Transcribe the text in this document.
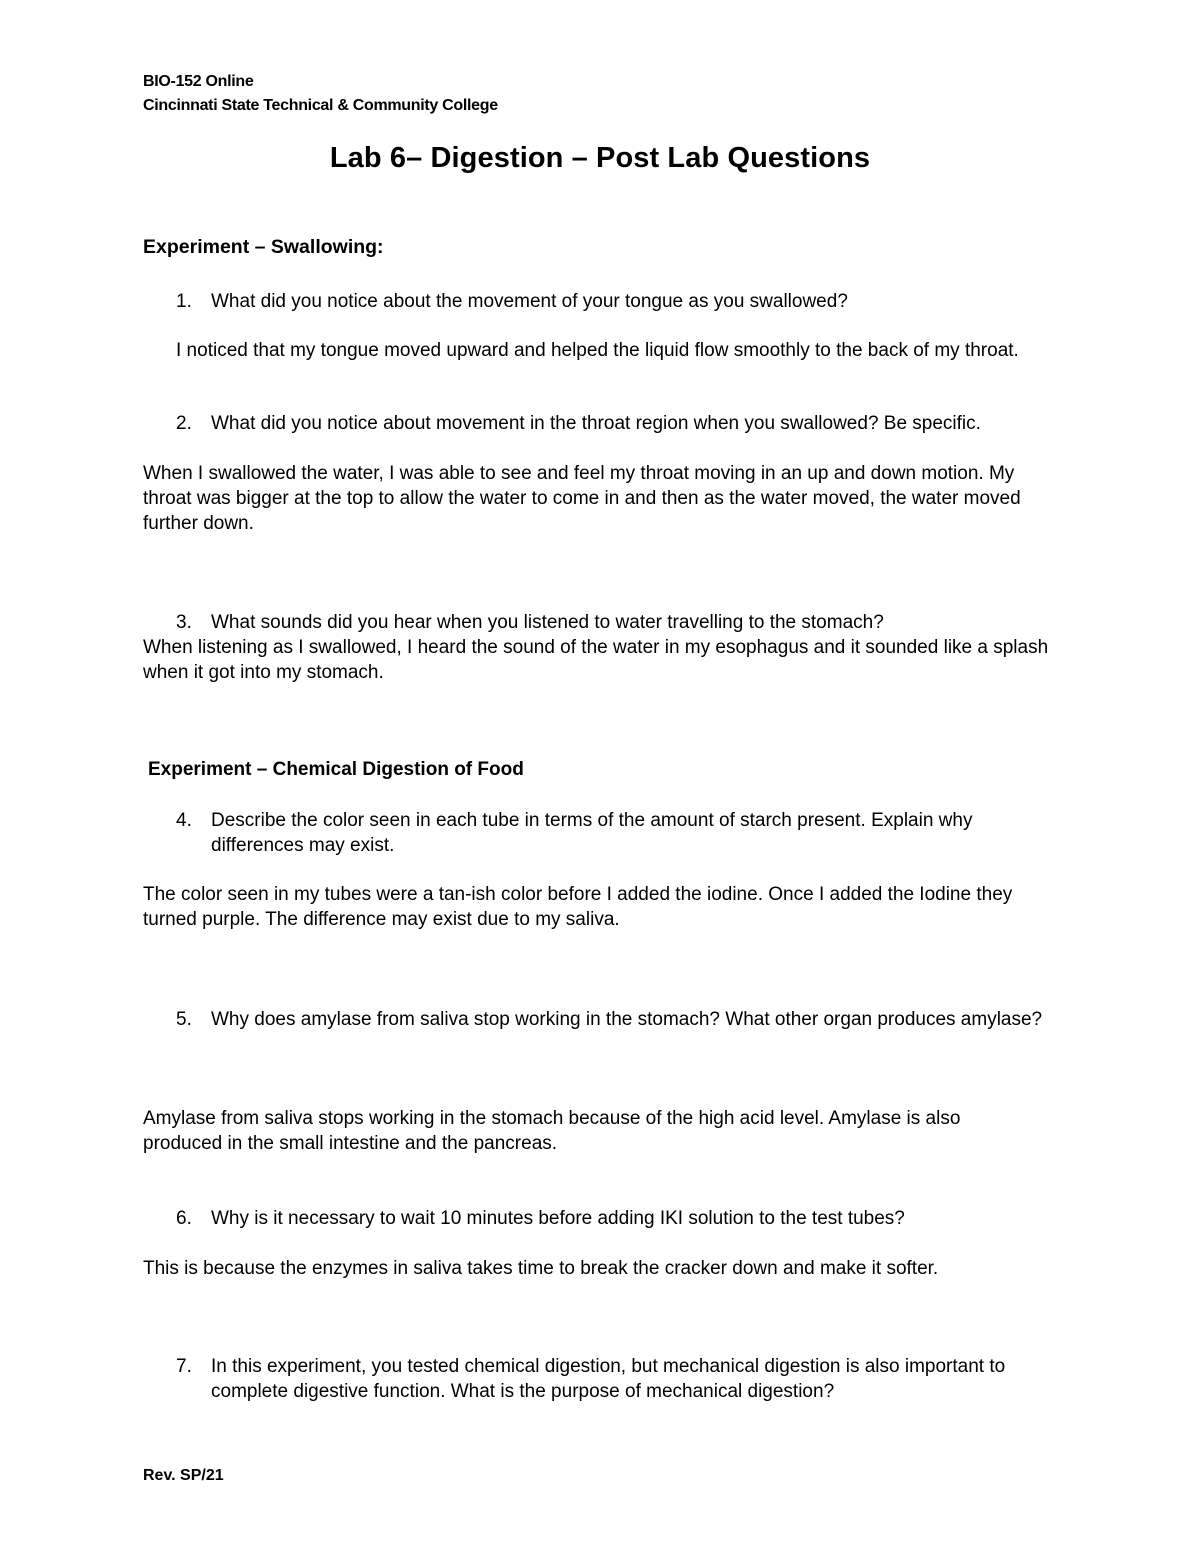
BIO-152 Online
Cincinnati State Technical & Community College
Lab 6– Digestion – Post Lab Questions
Experiment – Swallowing:
1. What did you notice about the movement of your tongue as you swallowed?
I noticed that my tongue moved upward and helped the liquid flow smoothly to the back of my throat.
2. What did you notice about movement in the throat region when you swallowed? Be specific.
When I swallowed the water, I was able to see and feel my throat moving in an up and down motion. My throat was bigger at the top to allow the water to come in and then as the water moved, the water moved further down.
3. What sounds did you hear when you listened to water travelling to the stomach?
When listening as I swallowed, I heard the sound of the water in my esophagus and it sounded like a splash when it got into my stomach.
Experiment – Chemical Digestion of Food
4. Describe the color seen in each tube in terms of the amount of starch present. Explain why differences may exist.
The color seen in my tubes were a tan-ish color before I added the iodine. Once I added the Iodine they turned purple. The difference may exist due to my saliva.
5. Why does amylase from saliva stop working in the stomach? What other organ produces amylase?
Amylase from saliva stops working in the stomach because of the high acid level. Amylase is also produced in the small intestine and the pancreas.
6. Why is it necessary to wait 10 minutes before adding IKI solution to the test tubes?
This is because the enzymes in saliva takes time to break the cracker down and make it softer.
7. In this experiment, you tested chemical digestion, but mechanical digestion is also important to complete digestive function. What is the purpose of mechanical digestion?
Rev. SP/21
